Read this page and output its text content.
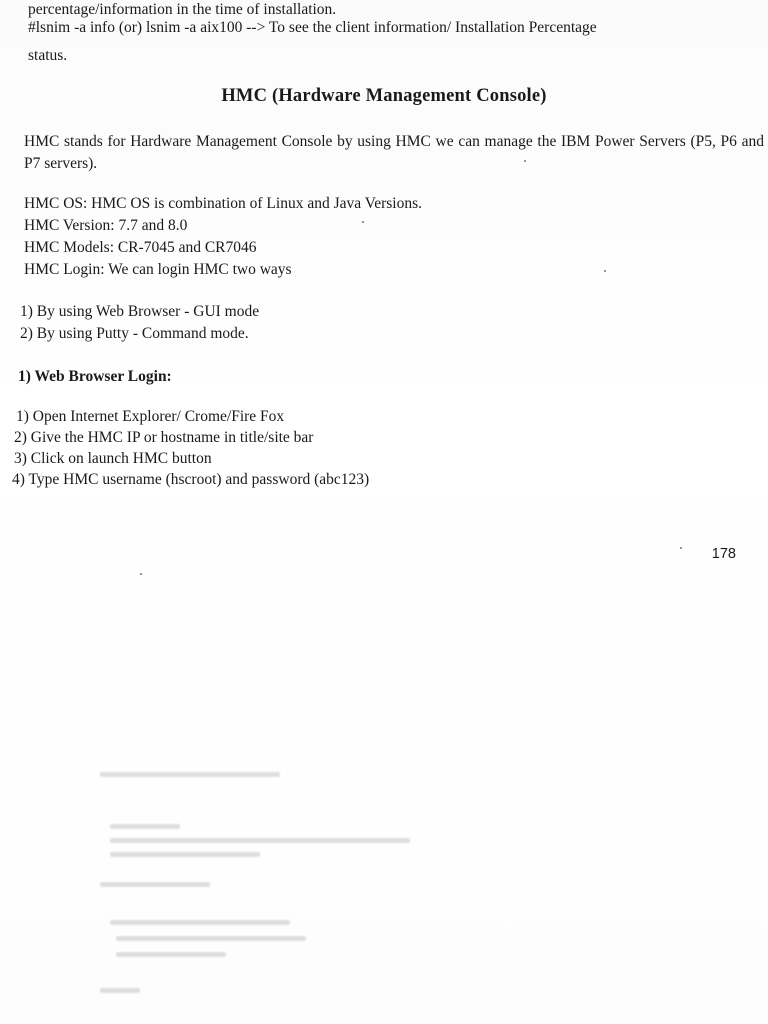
percentage/information in the time of installation.
#lsnim -a info (or) lsnim -a aix100 --> To see the client information/ Installation Percentage
status.
HMC (Hardware Management Console)
HMC stands for Hardware Management Console by using HMC we can manage the IBM Power Servers (P5, P6 and P7 servers).
HMC OS: HMC OS is combination of Linux and Java Versions.
HMC Version: 7.7 and 8.0
HMC Models: CR-7045 and CR7046
HMC Login: We can login HMC two ways
1) By using Web Browser - GUI mode
2) By using Putty - Command mode.
1) Web Browser Login:
1) Open Internet Explorer/ Crome/Fire Fox
2) Give the HMC IP or hostname in title/site bar
3) Click on launch HMC button
4) Type HMC username (hscroot) and password (abc123)
178
